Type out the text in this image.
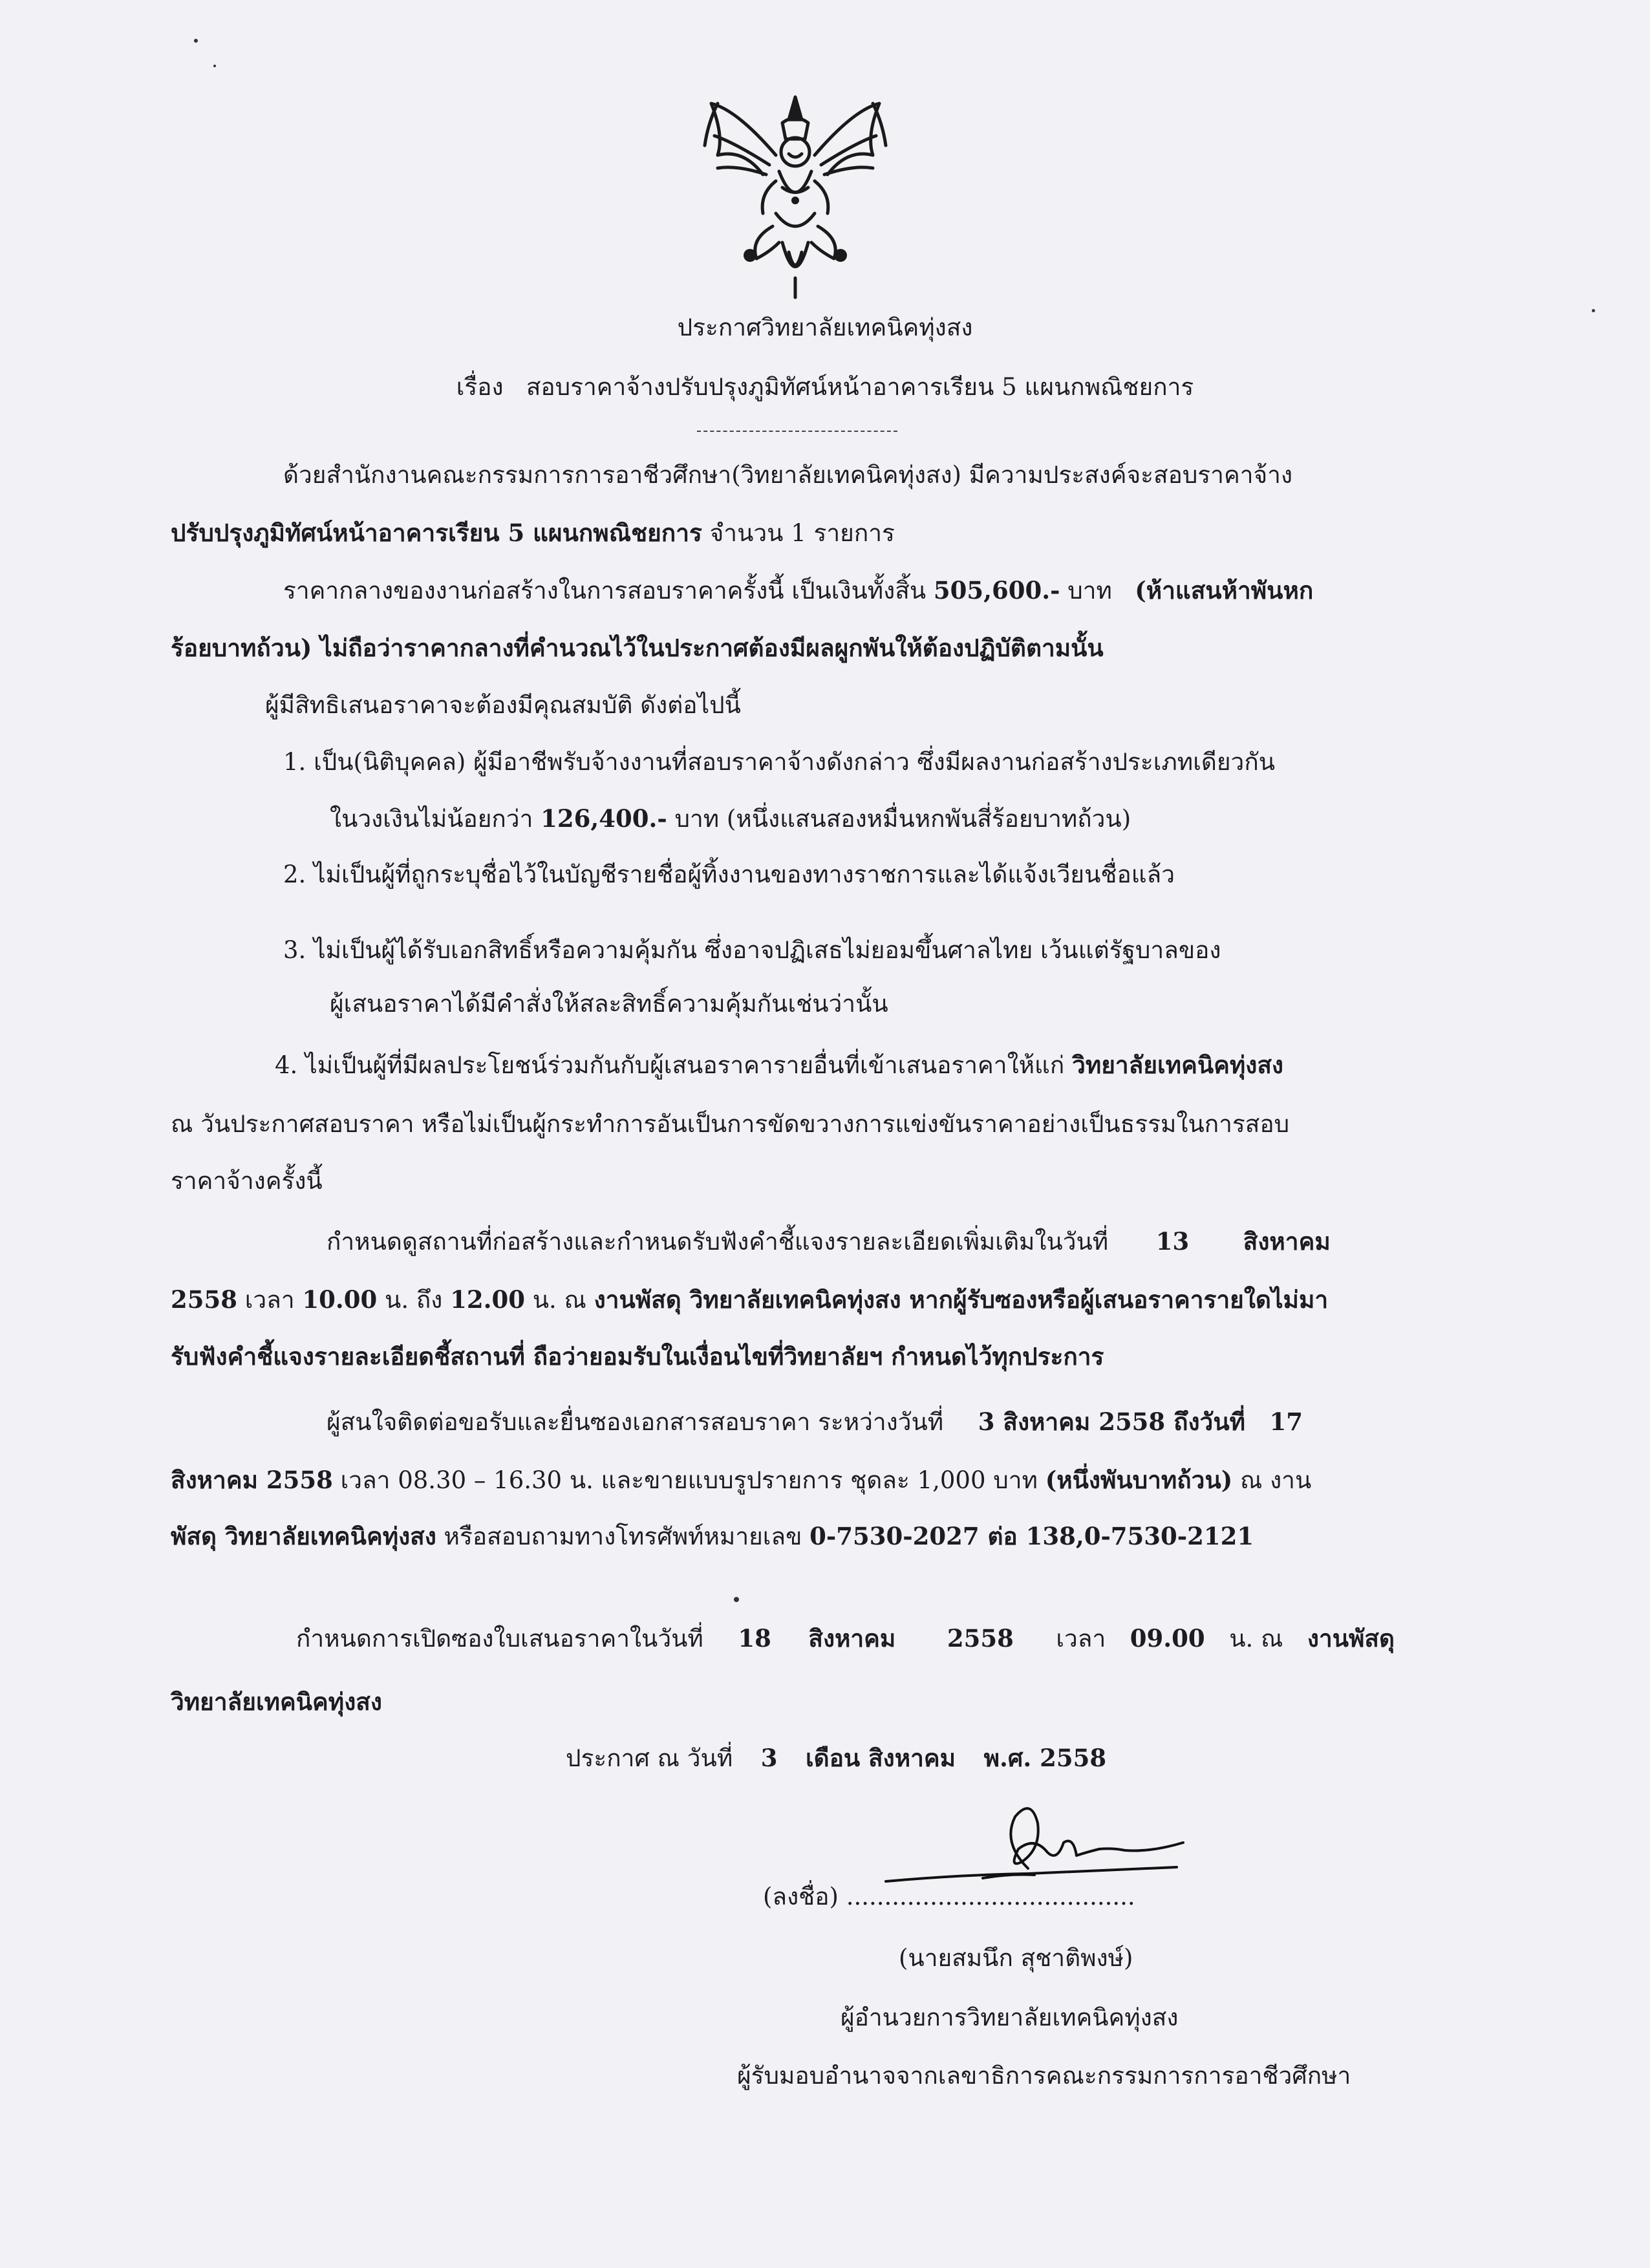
ประกาศวิทยาลัยเทคนิคทุ่งสง
เรื่อง สอบราคาจ้างปรับปรุงภูมิทัศน์หน้าอาคารเรียน 5 แผนกพณิชยการ
ด้วยสำนักงานคณะกรรมการการอาชีวศึกษา(วิทยาลัยเทคนิคทุ่งสง) มีความประสงค์จะสอบราคาจ้าง
ปรับปรุงภูมิทัศน์หน้าอาคารเรียน 5 แผนกพณิชยการ จำนวน 1 รายการ
ราคากลางของงานก่อสร้างในการสอบราคาครั้งนี้ เป็นเงินทั้งสิ้น 505,600.- บาท (ห้าแสนห้าพันหก
ร้อยบาทถ้วน) ไม่ถือว่าราคากลางที่คำนวณไว้ในประกาศต้องมีผลผูกพันให้ต้องปฏิบัติตามนั้น
ผู้มีสิทธิเสนอราคาจะต้องมีคุณสมบัติ ดังต่อไปนี้
1. เป็น(นิติบุคคล) ผู้มีอาชีพรับจ้างงานที่สอบราคาจ้างดังกล่าว ซึ่งมีผลงานก่อสร้างประเภทเดียวกัน
ในวงเงินไม่น้อยกว่า 126,400.- บาท (หนึ่งแสนสองหมื่นหกพันสี่ร้อยบาทถ้วน)
2. ไม่เป็นผู้ที่ถูกระบุชื่อไว้ในบัญชีรายชื่อผู้ทิ้งงานของทางราชการและได้แจ้งเวียนชื่อแล้ว
3. ไม่เป็นผู้ได้รับเอกสิทธิ์หรือความคุ้มกัน ซึ่งอาจปฏิเสธไม่ยอมขึ้นศาลไทย เว้นแต่รัฐบาลของ
ผู้เสนอราคาได้มีคำสั่งให้สละสิทธิ์ความคุ้มกันเช่นว่านั้น
4. ไม่เป็นผู้ที่มีผลประโยชน์ร่วมกันกับผู้เสนอราคารายอื่นที่เข้าเสนอราคาให้แก่ วิทยาลัยเทคนิคทุ่งสง
ณ วันประกาศสอบราคา หรือไม่เป็นผู้กระทำการอันเป็นการขัดขวางการแข่งขันราคาอย่างเป็นธรรมในการสอบ
ราคาจ้างครั้งนี้
กำหนดดูสถานที่ก่อสร้างและกำหนดรับฟังคำชี้แจงรายละเอียดเพิ่มเติมในวันที่ 13 สิงหาคม
2558 เวลา 10.00 น. ถึง 12.00 น. ณ งานพัสดุ วิทยาลัยเทคนิคทุ่งสง หากผู้รับซองหรือผู้เสนอราคารายใดไม่มา
รับฟังคำชี้แจงรายละเอียดชี้สถานที่ ถือว่ายอมรับในเงื่อนไขที่วิทยาลัยฯ กำหนดไว้ทุกประการ
ผู้สนใจติดต่อขอรับและยื่นซองเอกสารสอบราคา ระหว่างวันที่ 3 สิงหาคม 2558 ถึงวันที่ 17
สิงหาคม 2558 เวลา 08.30 – 16.30 น. และขายแบบรูปรายการ ชุดละ 1,000 บาท (หนึ่งพันบาทถ้วน) ณ งาน
พัสดุ วิทยาลัยเทคนิคทุ่งสง หรือสอบถามทางโทรศัพท์หมายเลข 0-7530-2027 ต่อ 138,0-7530-2121
กำหนดการเปิดซองใบเสนอราคาในวันที่ 18 สิงหาคม 2558 เวลา 09.00 น. ณ งานพัสดุ
วิทยาลัยเทคนิคทุ่งสง
ประกาศ ณ วันที่ 3 เดือน สิงหาคม พ.ศ. 2558
(ลงชื่อ) ......................................
(นายสมนึก สุชาติพงษ์)
ผู้อำนวยการวิทยาลัยเทคนิคทุ่งสง
ผู้รับมอบอำนาจจากเลขาธิการคณะกรรมการการอาชีวศึกษา
